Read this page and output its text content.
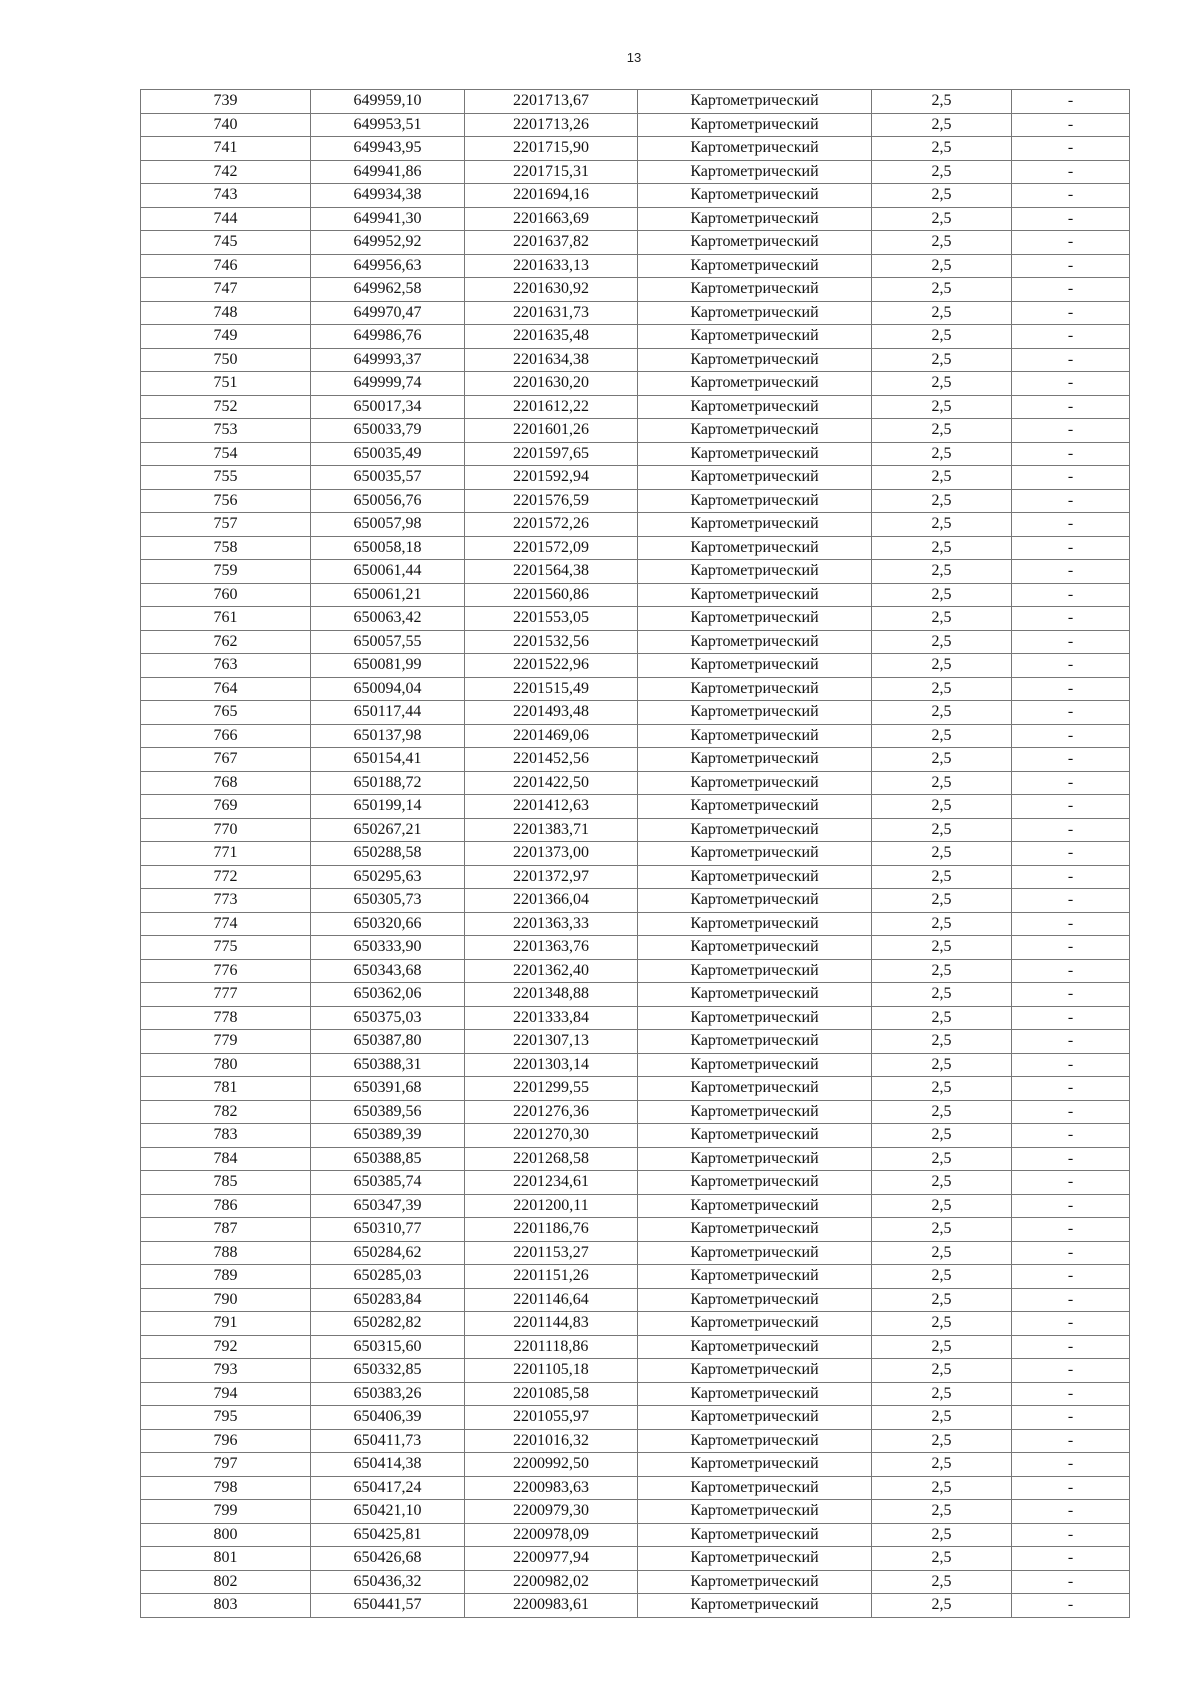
13
739	649959,10	2201713,67	Картометрический	2,5	-
740	649953,51	2201713,26	Картометрический	2,5	-
741	649943,95	2201715,90	Картометрический	2,5	-
742	649941,86	2201715,31	Картометрический	2,5	-
743	649934,38	2201694,16	Картометрический	2,5	-
744	649941,30	2201663,69	Картометрический	2,5	-
745	649952,92	2201637,82	Картометрический	2,5	-
746	649956,63	2201633,13	Картометрический	2,5	-
747	649962,58	2201630,92	Картометрический	2,5	-
748	649970,47	2201631,73	Картометрический	2,5	-
749	649986,76	2201635,48	Картометрический	2,5	-
750	649993,37	2201634,38	Картометрический	2,5	-
751	649999,74	2201630,20	Картометрический	2,5	-
752	650017,34	2201612,22	Картометрический	2,5	-
753	650033,79	2201601,26	Картометрический	2,5	-
754	650035,49	2201597,65	Картометрический	2,5	-
755	650035,57	2201592,94	Картометрический	2,5	-
756	650056,76	2201576,59	Картометрический	2,5	-
757	650057,98	2201572,26	Картометрический	2,5	-
758	650058,18	2201572,09	Картометрический	2,5	-
759	650061,44	2201564,38	Картометрический	2,5	-
760	650061,21	2201560,86	Картометрический	2,5	-
761	650063,42	2201553,05	Картометрический	2,5	-
762	650057,55	2201532,56	Картометрический	2,5	-
763	650081,99	2201522,96	Картометрический	2,5	-
764	650094,04	2201515,49	Картометрический	2,5	-
765	650117,44	2201493,48	Картометрический	2,5	-
766	650137,98	2201469,06	Картометрический	2,5	-
767	650154,41	2201452,56	Картометрический	2,5	-
768	650188,72	2201422,50	Картометрический	2,5	-
769	650199,14	2201412,63	Картометрический	2,5	-
770	650267,21	2201383,71	Картометрический	2,5	-
771	650288,58	2201373,00	Картометрический	2,5	-
772	650295,63	2201372,97	Картометрический	2,5	-
773	650305,73	2201366,04	Картометрический	2,5	-
774	650320,66	2201363,33	Картометрический	2,5	-
775	650333,90	2201363,76	Картометрический	2,5	-
776	650343,68	2201362,40	Картометрический	2,5	-
777	650362,06	2201348,88	Картометрический	2,5	-
778	650375,03	2201333,84	Картометрический	2,5	-
779	650387,80	2201307,13	Картометрический	2,5	-
780	650388,31	2201303,14	Картометрический	2,5	-
781	650391,68	2201299,55	Картометрический	2,5	-
782	650389,56	2201276,36	Картометрический	2,5	-
783	650389,39	2201270,30	Картометрический	2,5	-
784	650388,85	2201268,58	Картометрический	2,5	-
785	650385,74	2201234,61	Картометрический	2,5	-
786	650347,39	2201200,11	Картометрический	2,5	-
787	650310,77	2201186,76	Картометрический	2,5	-
788	650284,62	2201153,27	Картометрический	2,5	-
789	650285,03	2201151,26	Картометрический	2,5	-
790	650283,84	2201146,64	Картометрический	2,5	-
791	650282,82	2201144,83	Картометрический	2,5	-
792	650315,60	2201118,86	Картометрический	2,5	-
793	650332,85	2201105,18	Картометрический	2,5	-
794	650383,26	2201085,58	Картометрический	2,5	-
795	650406,39	2201055,97	Картометрический	2,5	-
796	650411,73	2201016,32	Картометрический	2,5	-
797	650414,38	2200992,50	Картометрический	2,5	-
798	650417,24	2200983,63	Картометрический	2,5	-
799	650421,10	2200979,30	Картометрический	2,5	-
800	650425,81	2200978,09	Картометрический	2,5	-
801	650426,68	2200977,94	Картометрический	2,5	-
802	650436,32	2200982,02	Картометрический	2,5	-
803	650441,57	2200983,61	Картометрический	2,5	-
